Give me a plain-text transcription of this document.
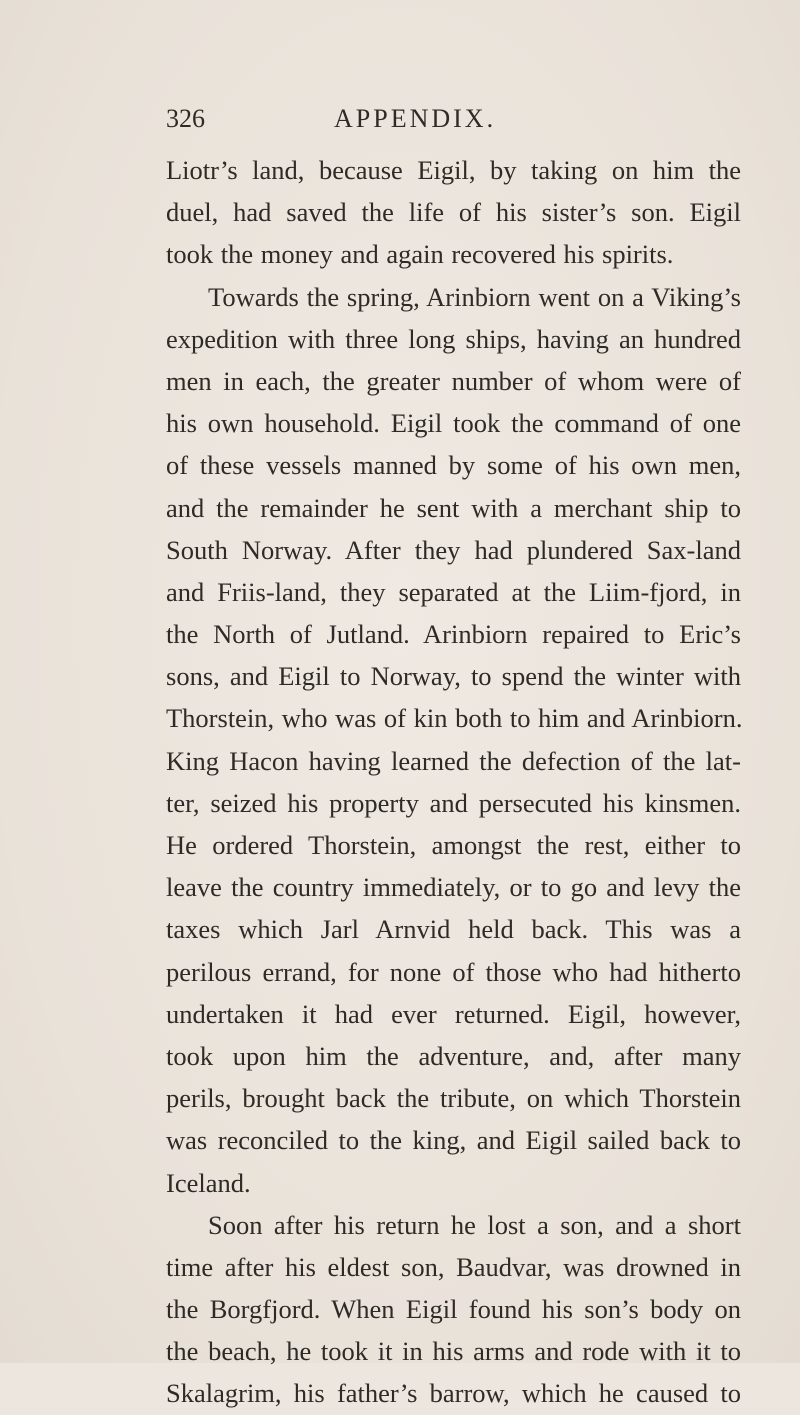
326	APPENDIX.
Liotr’s land, because Eigil, by taking on him the
duel, had saved the life of his sister’s son. Eigil
took the money and again recovered his spirits.
Towards the spring, Arinbiorn went on a Viking’s
expedition with three long ships, having an hundred
men in each, the greater number of whom were of
his own household. Eigil took the command of one
of these vessels manned by some of his own men,
and the remainder he sent with a merchant ship to
South Norway. After they had plundered Sax-land
and Friis-land, they separated at the Liim-fjord, in
the North of Jutland. Arinbiorn repaired to Eric’s
sons, and Eigil to Norway, to spend the winter with
Thorstein, who was of kin both to him and Arinbiorn.
King Hacon having learned the defection of the lat-
ter, seized his property and persecuted his kinsmen.
He ordered Thorstein, amongst the rest, either to
leave the country immediately, or to go and levy the
taxes which Jarl Arnvid held back. This was a
perilous errand, for none of those who had hitherto
undertaken it had ever returned. Eigil, however,
took upon him the adventure, and, after many
perils, brought back the tribute, on which Thorstein
was reconciled to the king, and Eigil sailed back to
Iceland.
Soon after his return he lost a son, and a short
time after his eldest son, Baudvar, was drowned in
the Borgfjord. When Eigil found his son’s body on
the beach, he took it in his arms and rode with it to
Skalagrim, his father’s barrow, which he caused to
